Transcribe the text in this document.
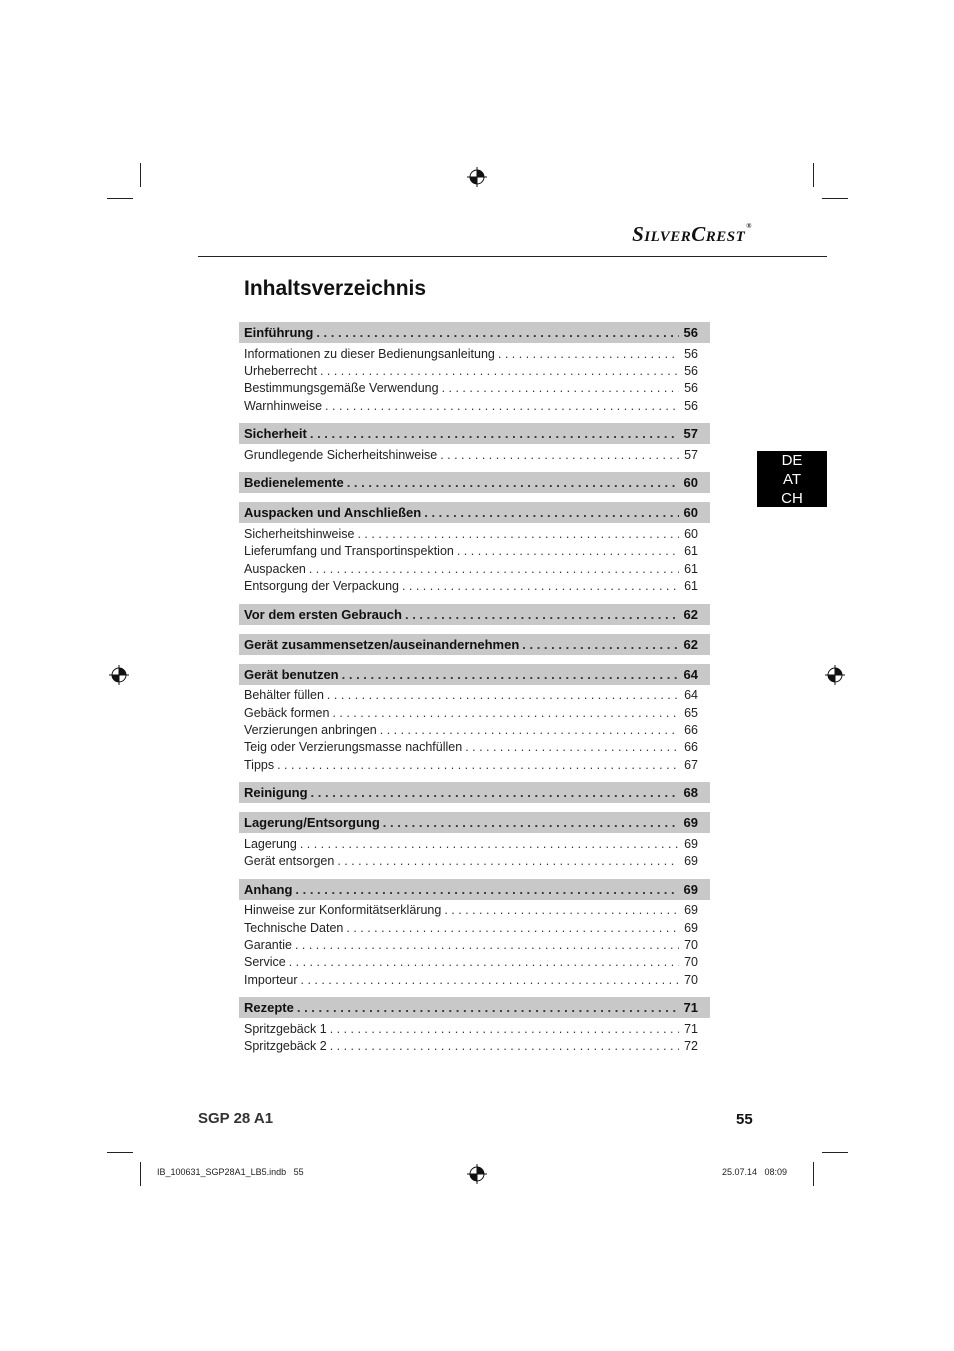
SILVERCREST®
Inhaltsverzeichnis
DE
AT
CH
Einführung . . .	56
Informationen zu dieser Bedienungsanleitung . . .	56
Urheberrecht . . .	56
Bestimmungsgemäße Verwendung . . .	56
Warnhinweise . . .	56
Sicherheit . . .	57
Grundlegende Sicherheitshinweise . . .	57
Bedienelemente . . .	60
Auspacken und Anschließen . . .	60
Sicherheitshinweise . . .	60
Lieferumfang und Transportinspektion . . .	61
Auspacken . . .	61
Entsorgung der Verpackung . . .	61
Vor dem ersten Gebrauch . . .	62
Gerät zusammensetzen/auseinandernehmen . . .	62
Gerät benutzen . . .	64
Behälter füllen . . .	64
Gebäck formen . . .	65
Verzierungen anbringen . . .	66
Teig oder Verzierungsmasse nachfüllen . . .	66
Tipps . . .	67
Reinigung . . .	68
Lagerung/Entsorgung . . .	69
Lagerung . . .	69
Gerät entsorgen . . .	69
Anhang . . .	69
Hinweise zur Konformitätserklärung . . .	69
Technische Daten . . .	69
Garantie . . .	70
Service . . .	70
Importeur . . .	70
Rezepte . . .	71
Spritzgebäck 1 . . .	71
Spritzgebäck 2 . . .	72
SGP 28 A1	55
IB_100631_SGP28A1_LB5.indb   55	25.07.14   08:09
